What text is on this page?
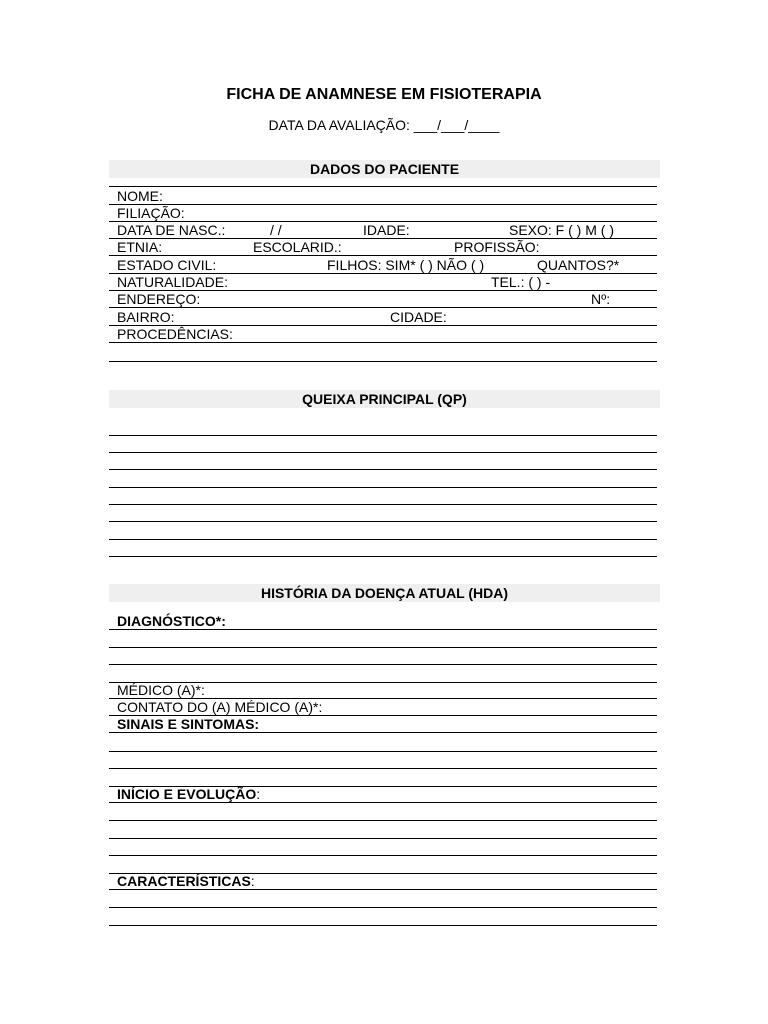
FICHA DE ANAMNESE EM FISIOTERAPIA
DATA DA AVALIAÇÃO: ___/___/____
DADOS DO PACIENTE
NOME:
FILIAÇÃO:
DATA DE NASC.:	/ /	IDADE:	SEXO: F ( ) M ( )
ETNIA:	ESCOLARID.:	PROFISSÃO:
ESTADO CIVIL:	FILHOS: SIM* ( ) NÃO ( )	QUANTOS?*
NATURALIDADE:	TEL.: ( ) -
ENDEREÇO:	Nº:
BAIRRO:	CIDADE:
PROCEDÊNCIAS:
QUEIXA PRINCIPAL (QP)
HISTÓRIA DA DOENÇA ATUAL (HDA)
DIAGNÓSTICO*:
MÉDICO (A)*:
CONTATO DO (A) MÉDICO (A)*:
SINAIS E SINTOMAS:
INÍCIO E EVOLUÇÃO:
CARACTERÍSTICAS:
